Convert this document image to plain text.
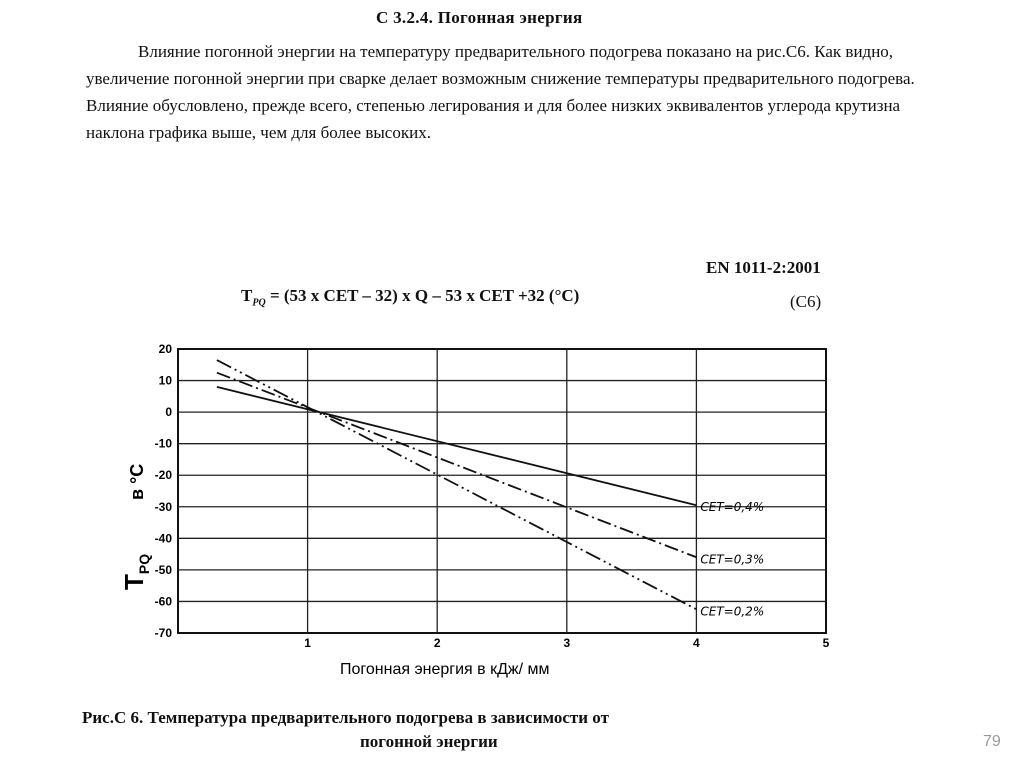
С 3.2.4. Погонная энергия

Влияние погонной энергии на температуру предварительного подогрева показано на рис.С6. Как видно, увеличение погонной энергии при сварке делает возможным снижение температуры предварительного подогрева. Влияние обусловлено, прежде всего, степенью легирования и для более низких эквивалентов углерода крутизна наклона графика выше, чем для более высоких.

EN 1011-2:2001
$T_{PQ} = (53$ x CET – 32) x Q – 53 x CET +32 (°C)	(C6)
1	2	3	4	5
20
10
0
-10
-20
-30
-40
-50
-60
-70
CET=0,4%
CET=0,3%
CET=0,2%
Погонная энергия в кДж/ мм
$T_{PQ}$
в °C
Рис.С 6. Температура предварительного подогрева в зависимости от
погонной энергии	79
